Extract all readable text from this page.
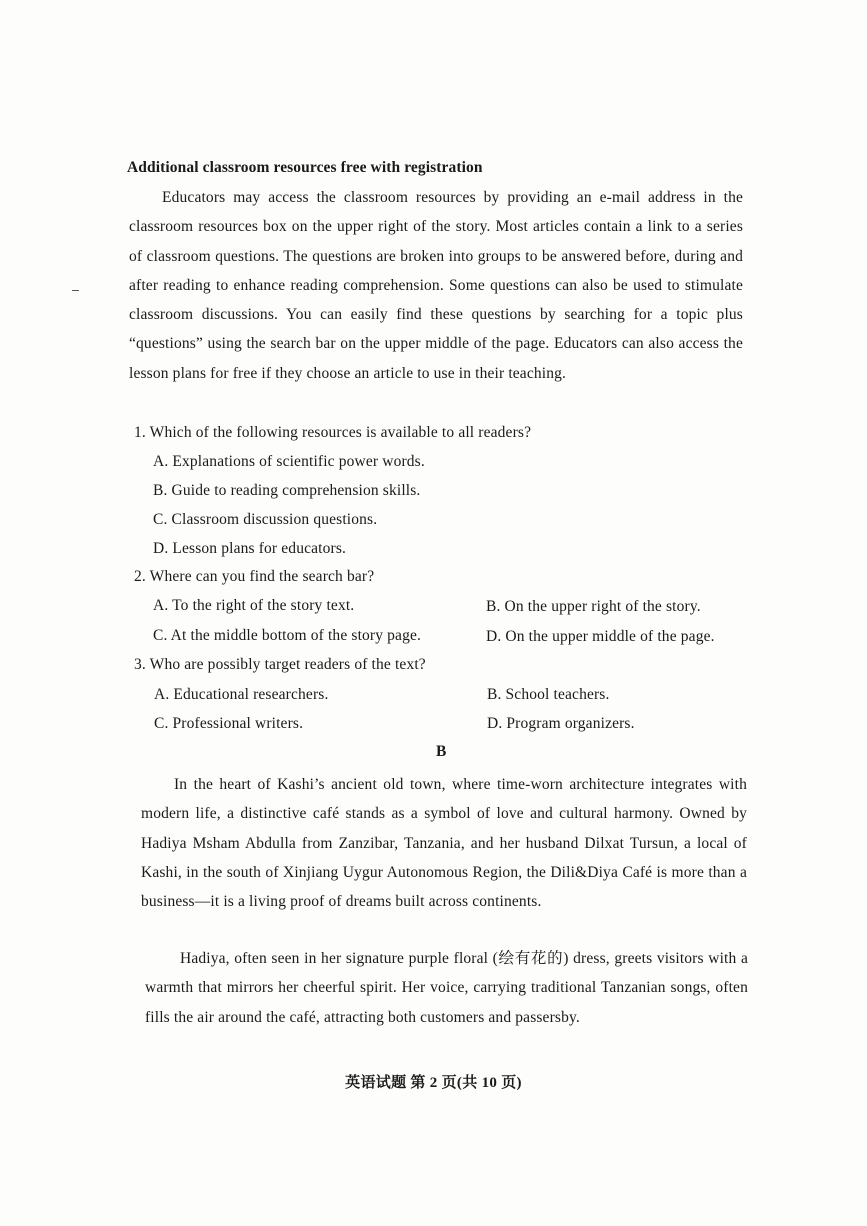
Additional classroom resources free with registration
Educators may access the classroom resources by providing an e-mail address in the classroom resources box on the upper right of the story. Most articles contain a link to a series of classroom questions. The questions are broken into groups to be answered before, during and after reading to enhance reading comprehension. Some questions can also be used to stimulate classroom discussions. You can easily find these questions by searching for a topic plus “questions” using the search bar on the upper middle of the page. Educators can also access the lesson plans for free if they choose an article to use in their teaching.
1. Which of the following resources is available to all readers?
A. Explanations of scientific power words.
B. Guide to reading comprehension skills.
C. Classroom discussion questions.
D. Lesson plans for educators.
2. Where can you find the search bar?
A. To the right of the story text.	B. On the upper right of the story.
C. At the middle bottom of the story page.	D. On the upper middle of the page.
3. Who are possibly target readers of the text?
A. Educational researchers.	B. School teachers.
C. Professional writers.	D. Program organizers.
B
In the heart of Kashi’s ancient old town, where time-worn architecture integrates with modern life, a distinctive café stands as a symbol of love and cultural harmony. Owned by Hadiya Msham Abdulla from Zanzibar, Tanzania, and her husband Dilxat Tursun, a local of Kashi, in the south of Xinjiang Uygur Autonomous Region, the Dili&Diya Café is more than a business—it is a living proof of dreams built across continents.
Hadiya, often seen in her signature purple floral (绘有花的) dress, greets visitors with a warmth that mirrors her cheerful spirit. Her voice, carrying traditional Tanzanian songs, often fills the air around the café, attracting both customers and passersby.
英语试题 第 2 页(共 10 页)
